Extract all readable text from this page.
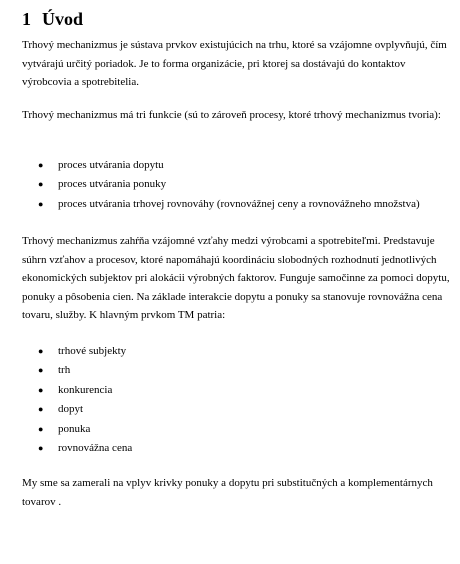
1 Úvod

Trhový mechanizmus je sústava prvkov existujúcich na trhu, ktoré sa vzájomne ovplyvňujú, čím vytvárajú určitý poriadok. Je to forma organizácie, pri ktorej sa dostávajú do kontaktov výrobcovia a spotrebitelia.

Trhový mechanizmus má tri funkcie (sú to zároveň procesy, ktoré trhový mechanizmus tvoria):

● proces utvárania dopytu
● proces utvárania ponuky
● proces utvárania trhovej rovnováhy (rovnovážnej ceny a rovnovážneho množstva)

Trhový mechanizmus zahŕňa vzájomné vzťahy medzi výrobcami a spotrebiteľmi. Predstavuje súhrn vzťahov a procesov, ktoré napomáhajú koordináciu slobodných rozhodnutí jednotlivých ekonomických subjektov pri alokácii výrobných faktorov. Funguje samočinne za pomoci dopytu, ponuky a pôsobenia cien. Na základe interakcie dopytu a ponuky sa stanovuje rovnovážna cena tovaru, služby. K hlavným prvkom TM patria:

● trhové subjekty
● trh
● konkurencia
● dopyt
● ponuka
● rovnovážna cena

My sme sa zamerali na vplyv krivky ponuky a dopytu pri substitučných a komplementárnych tovarov .
